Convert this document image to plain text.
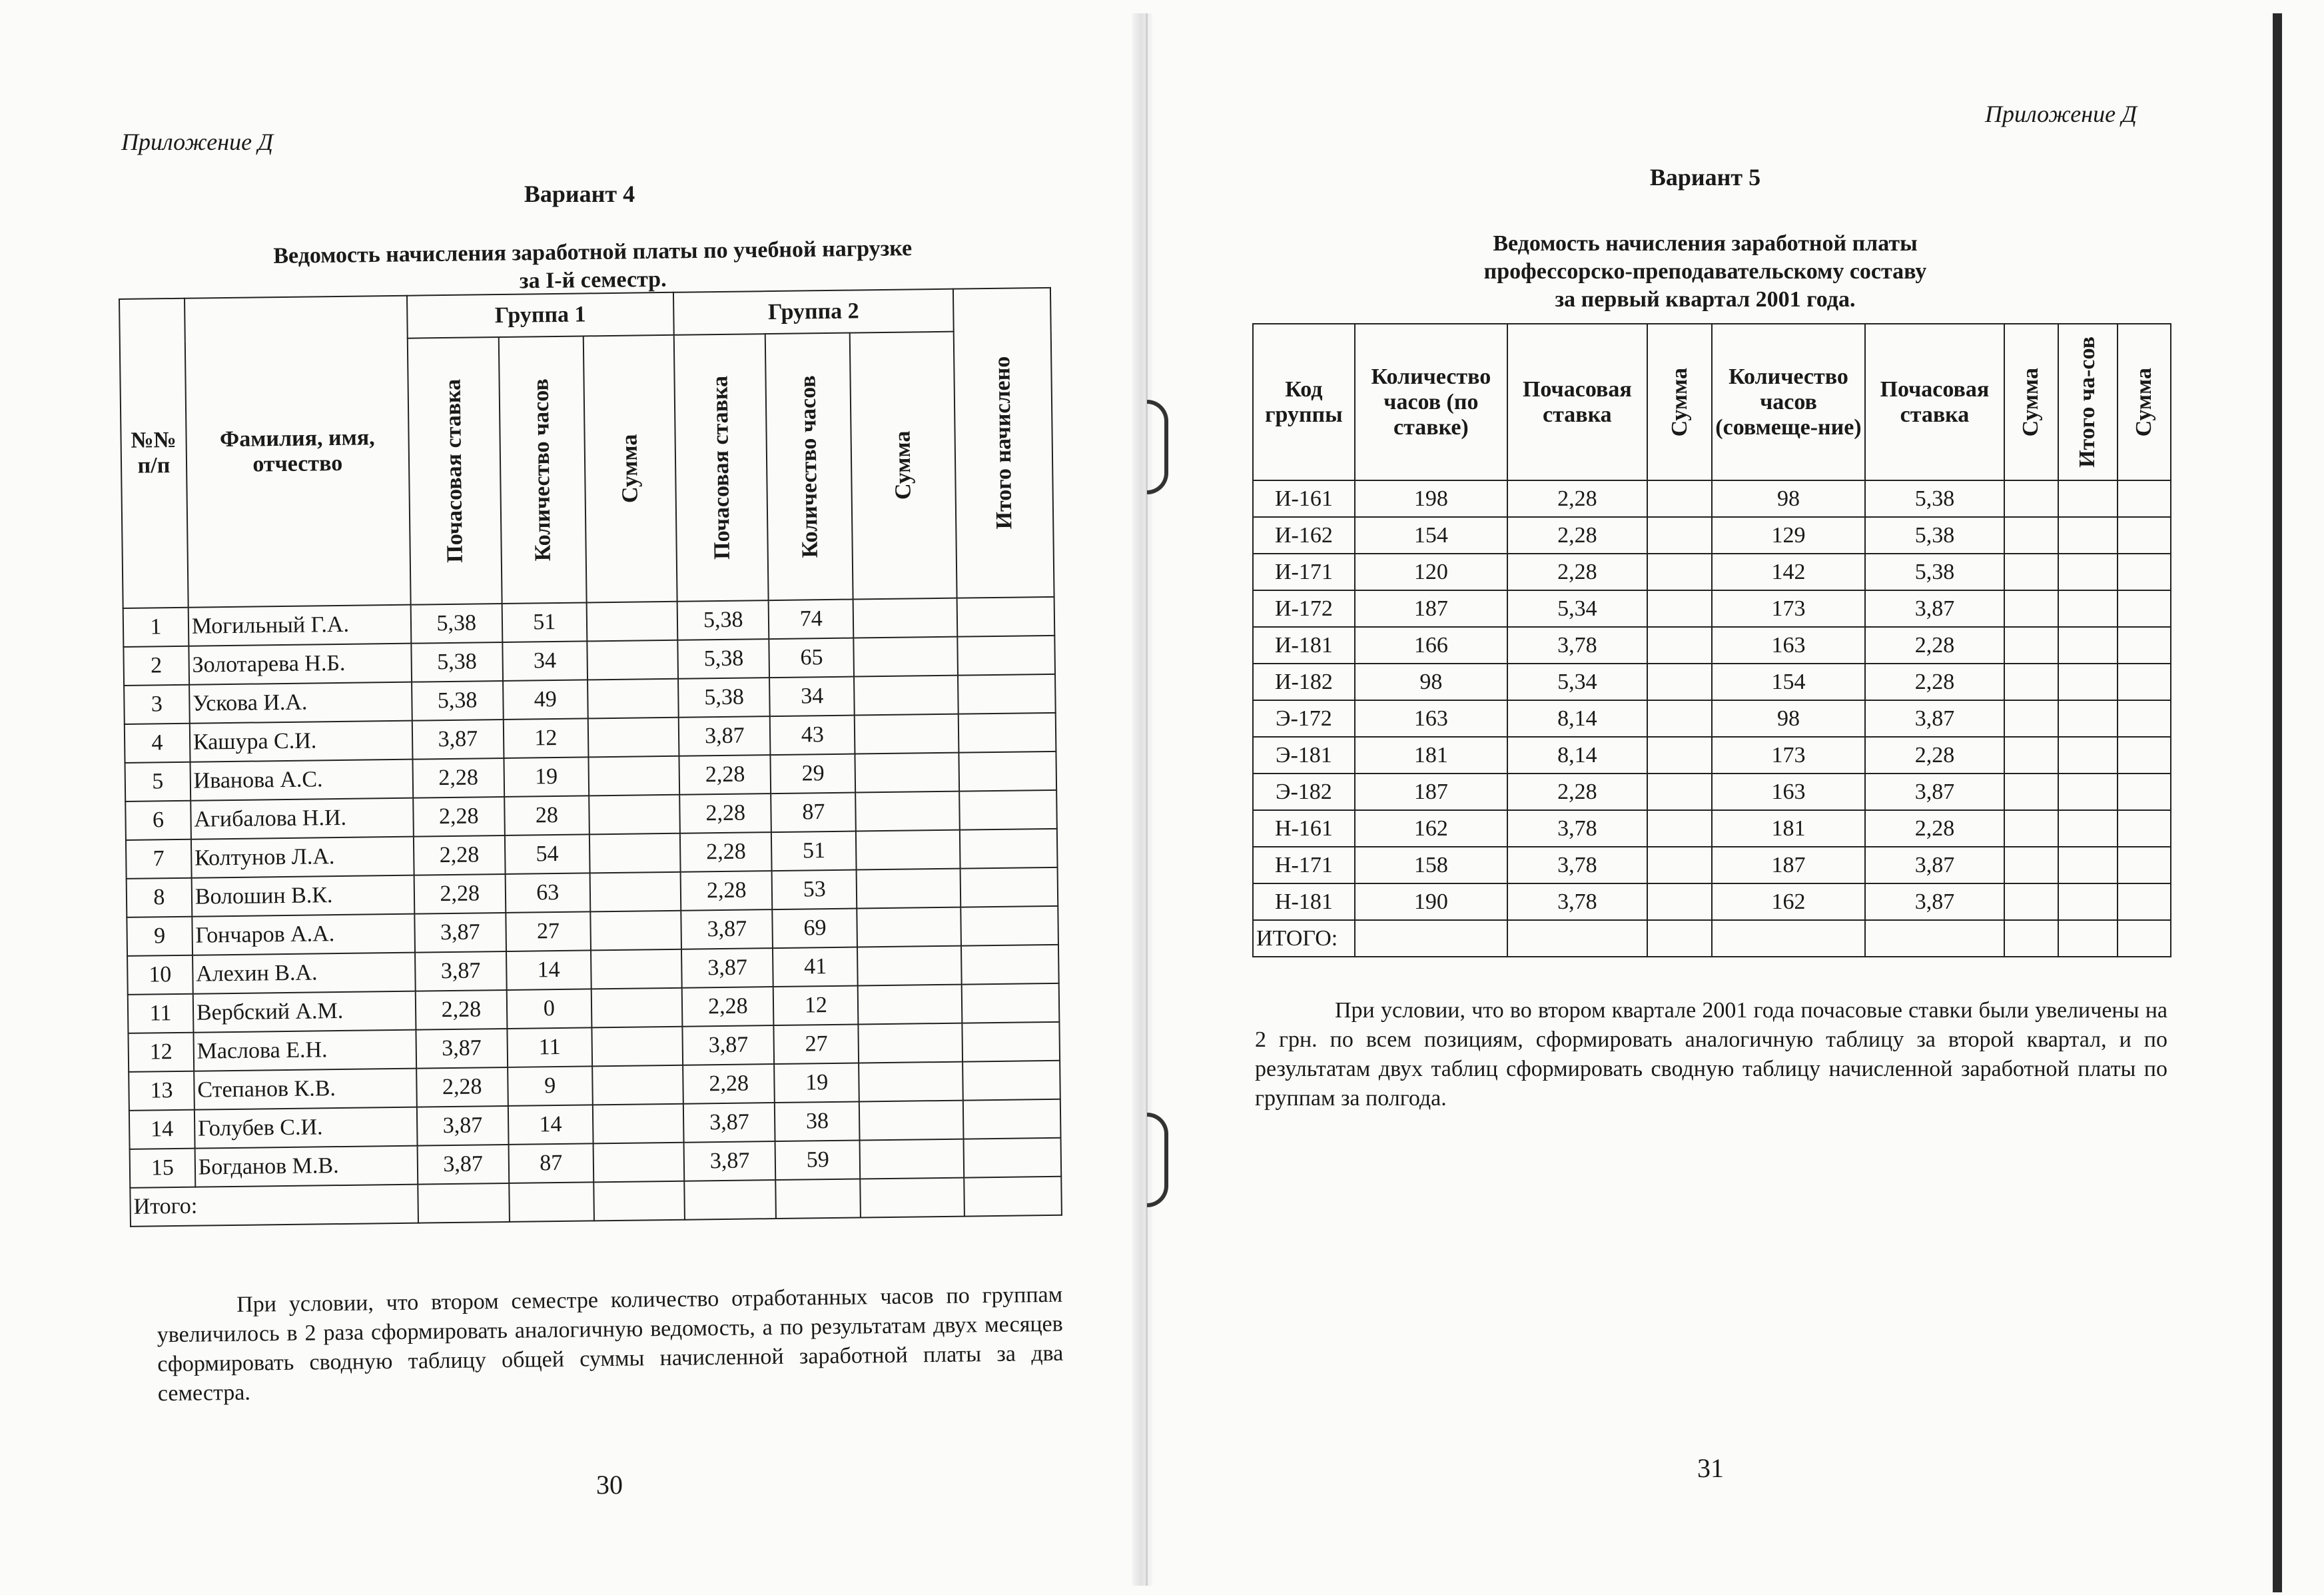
Приложение Д
Вариант 4
Ведомость начисления заработной платы по учебной нагрузке
за I-й семестр.
№№ п/п	Фамилия, имя, отчество	Группа 1			Группа 2			Итого начислено

		Почасовая ставка	Количество часов	Сумма	Почасовая ставка	Количество часов	Сумма	

1	Могильный Г.А.	5,38	51		5,38	74		
2	Золотарева Н.Б.	5,38	34		5,38	65		
3	Ускова И.А.	5,38	49		5,38	34		
4	Кашура С.И.	3,87	12		3,87	43		
5	Иванова А.С.	2,28	19		2,28	29		
6	Агибалова Н.И.	2,28	28		2,28	87		
7	Колтунов Л.А.	2,28	54		2,28	51		
8	Волошин В.К.	2,28	63		2,28	53		
9	Гончаров А.А.	3,87	27		3,87	69		
10	Алехин В.А.	3,87	14		3,87	41		
11	Вербский А.М.	2,28	0		2,28	12		
12	Маслова Е.Н.	3,87	11		3,87	27		
13	Степанов К.В.	2,28	9		2,28	19		
14	Голубев С.И.	3,87	14		3,87	38		
15	Богданов М.В.	3,87	87		3,87	59		
Итого:								
При условии, что втором семестре количество отработанных часов по группам увеличилось в 2 раза сформировать аналогичную ведомость, а по результатам двух месяцев сформировать сводную таблицу общей суммы начисленной заработной платы за два семестра.
30
Приложение Д
Вариант 5
Ведомость начисления заработной платы
профессорско-преподавательскому составу
за первый квартал 2001 года.
Код группы	Количество часов (по ставке)	Почасовая ставка	Сумма	Количество часов (совмеще-ние)	Почасовая ставка	Сумма	Итого ча-сов	Сумма

И-161	198	2,28		98	5,38			
И-162	154	2,28		129	5,38			
И-171	120	2,28		142	5,38			
И-172	187	5,34		173	3,87			
И-181	166	3,78		163	2,28			
И-182	98	5,34		154	2,28			
Э-172	163	8,14		98	3,87			
Э-181	181	8,14		173	2,28			
Э-182	187	2,28		163	3,87			
Н-161	162	3,78		181	2,28			
Н-171	158	3,78		187	3,87			
Н-181	190	3,78		162	3,87			
ИТОГО:								
При условии, что во втором квартале 2001 года почасовые ставки были увеличены на 2 грн. по всем позициям, сформировать аналогичную таблицу за второй квартал, и по результатам двух таблиц сформировать сводную таблицу начисленной заработной платы по группам за полгода.
31
